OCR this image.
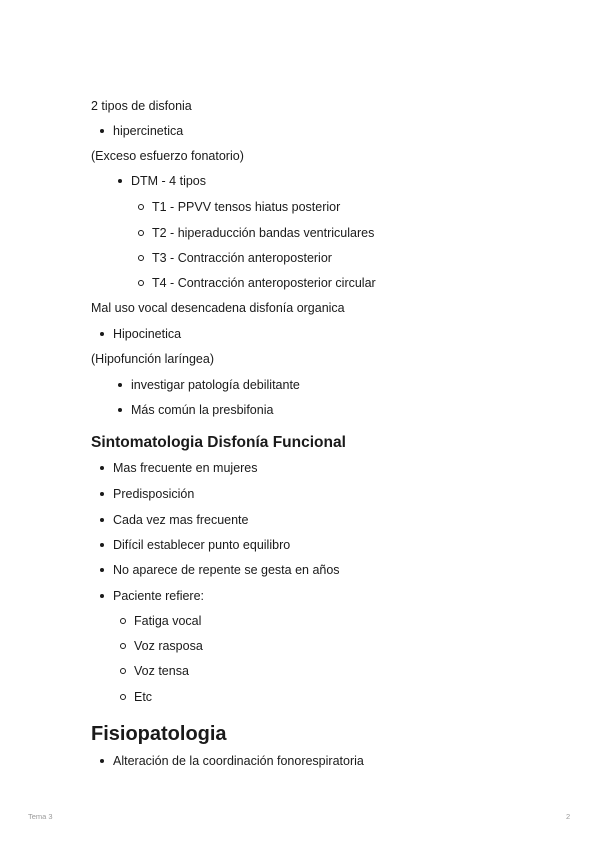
2 tipos de disfonia
hipercinetica
(Exceso esfuerzo fonatorio)
DTM - 4 tipos
T1 - PPVV tensos hiatus posterior
T2 - hiperaducción bandas ventriculares
T3 - Contracción anteroposterior
T4 - Contracción anteroposterior circular
Mal uso vocal desencadena disfonía organica
Hipocinetica
(Hipofunción laríngea)
investigar patología debilitante
Más común la presbifonia
Sintomatologia Disfonía Funcional
Mas frecuente en mujeres
Predisposición
Cada vez mas frecuente
Difícil establecer punto equilibro
No aparece de repente se gesta en años
Paciente refiere:
Fatiga vocal
Voz rasposa
Voz tensa
Etc
Fisiopatologia
Alteración de la coordinación fonorespiratoria
Tema 3	2
